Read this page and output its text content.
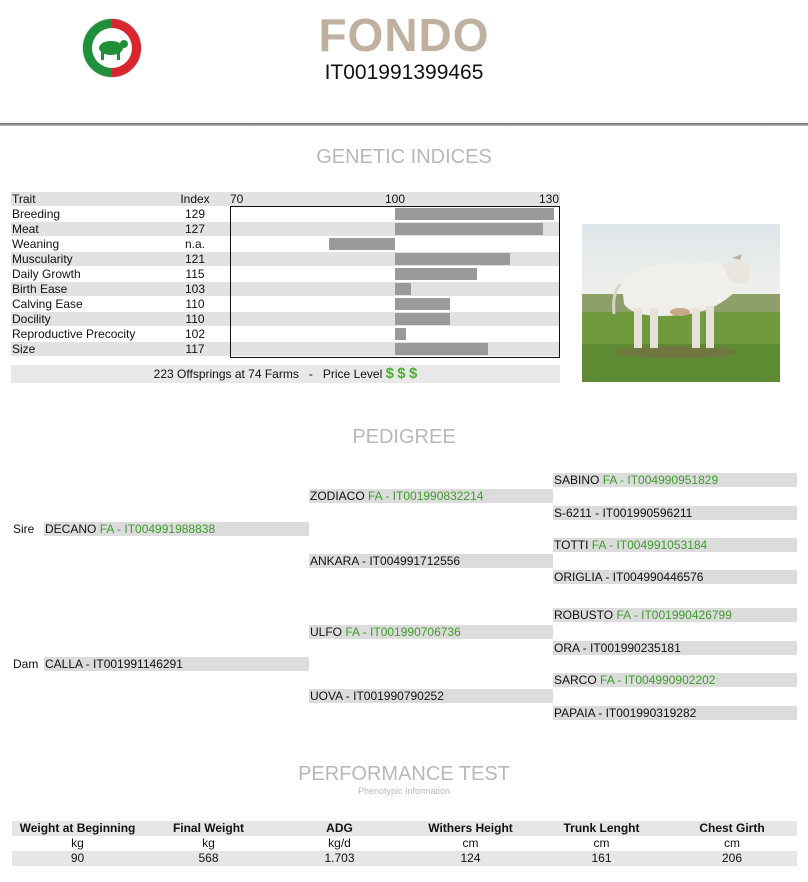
FONDO
IT001991399465
GENETIC INDICES
Trait	Index 70	100	130
Breeding	129
Meat	127
Weaning	n.a.
Muscularity	121
Daily Growth	115
Birth Ease	103
Calving Ease	110
Docility	110
Reproductive Precocity	102
Size	117
223 Offsprings at 74 Farms - Price Level $ $ $
PEDIGREE
Sire DECANO FA - IT004991988838
Dam CALLA - IT001991146291
ZODIACO FA - IT001990832214
ANKARA - IT004991712556
ULFO FA - IT001990706736
UOVA - IT001990790252
SABINO FA - IT004990951829
S-6211 - IT001990596211
TOTTI FA - IT004991053184
ORIGLIA - IT004990446576
ROBUSTO FA - IT001990426799
ORA - IT001990235181
SARCO FA - IT004990902202
PAPAIA - IT001990319282
PERFORMANCE TEST
Phenotypic Information
Weight at Beginning	Final Weight	ADG	Withers Height	Trunk Lenght	Chest Girth
kg	kg	kg/d	cm	cm	cm
90	568	1.703	124	161	206
